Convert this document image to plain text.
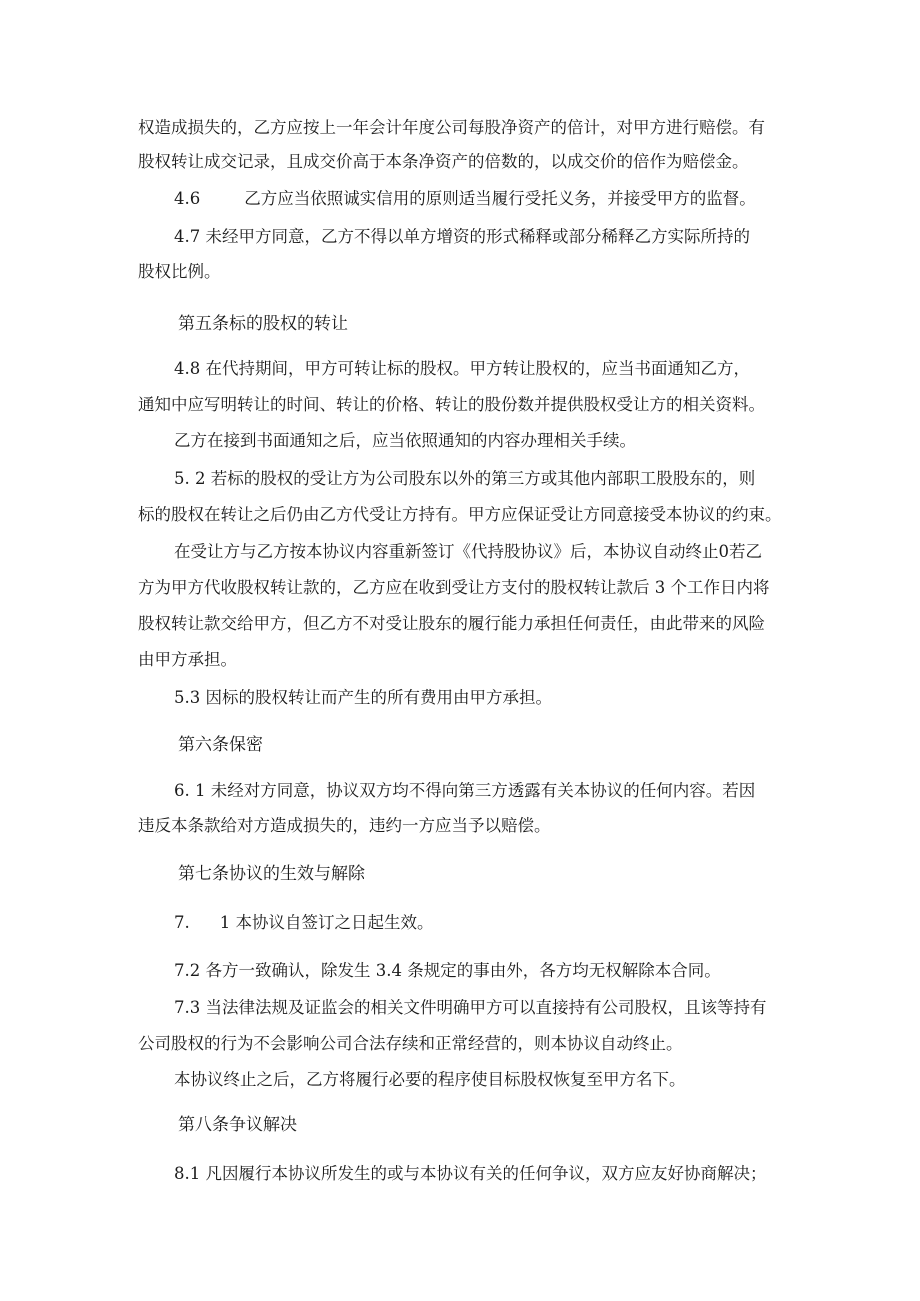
权造成损失的，乙方应按上一年会计年度公司每股净资产的倍计，对甲方进行赔偿。有
股权转让成交记录，且成交价高于本条净资产的倍数的，以成交价的倍作为赔偿金。
4.6	乙方应当依照诚实信用的原则适当履行受托义务，并接受甲方的监督。
4.7 未经甲方同意，乙方不得以单方增资的形式稀释或部分稀释乙方实际所持的
股权比例。
第五条标的股权的转让
4.8 在代持期间，甲方可转让标的股权。甲方转让股权的，应当书面通知乙方，
通知中应写明转让的时间、转让的价格、转让的股份数并提供股权受让方的相关资料。
乙方在接到书面通知之后，应当依照通知的内容办理相关手续。
5. 2 若标的股权的受让方为公司股东以外的第三方或其他内部职工股股东的，则
标的股权在转让之后仍由乙方代受让方持有。甲方应保证受让方同意接受本协议的约束。
在受让方与乙方按本协议内容重新签订《代持股协议》后，本协议自动终止0若乙
方为甲方代收股权转让款的，乙方应在收到受让方支付的股权转让款后 3 个工作日内将
股权转让款交给甲方，但乙方不对受让股东的履行能力承担任何责任，由此带来的风险
由甲方承担。
5.3 因标的股权转让而产生的所有费用由甲方承担。
第六条保密
6. 1 未经对方同意，协议双方均不得向第三方透露有关本协议的任何内容。若因
违反本条款给对方造成损失的，违约一方应当予以赔偿。
第七条协议的生效与解除
7. 1 本协议自签订之日起生效。
7.2 各方一致确认，除发生 3.4 条规定的事由外，各方均无权解除本合同。
7.3 当法律法规及证监会的相关文件明确甲方可以直接持有公司股权，且该等持有
公司股权的行为不会影响公司合法存续和正常经营的，则本协议自动终止。
本协议终止之后，乙方将履行必要的程序使目标股权恢复至甲方名下。
第八条争议解决
8.1 凡因履行本协议所发生的或与本协议有关的任何争议，双方应友好协商解决；
